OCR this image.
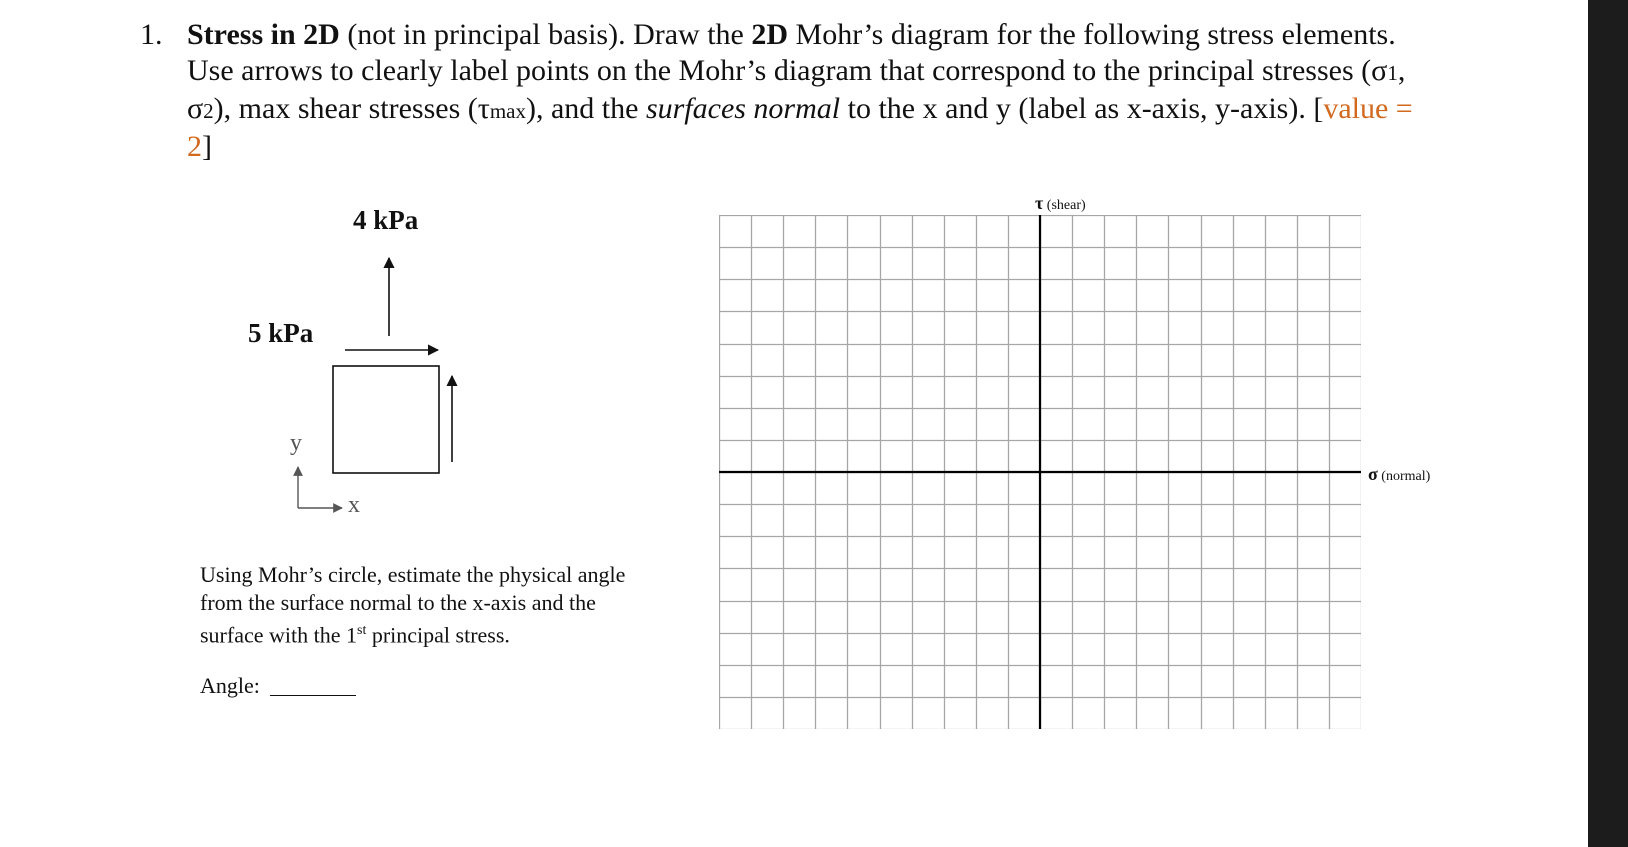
1. Stress in 2D (not in principal basis). Draw the 2D Mohr’s diagram for the following stress elements. Use arrows to clearly label points on the Mohr’s diagram that correspond to the principal stresses (σ1, σ2), max shear stresses (τmax), and the surfaces normal to the x and y (label as x-axis, y-axis). [value = 2]
4 kPa
5 kPa
y
x
Using Mohr’s circle, estimate the physical angle from the surface normal to the x-axis and the surface with the 1st principal stress.
Angle:
τ (shear)
σ (normal)
